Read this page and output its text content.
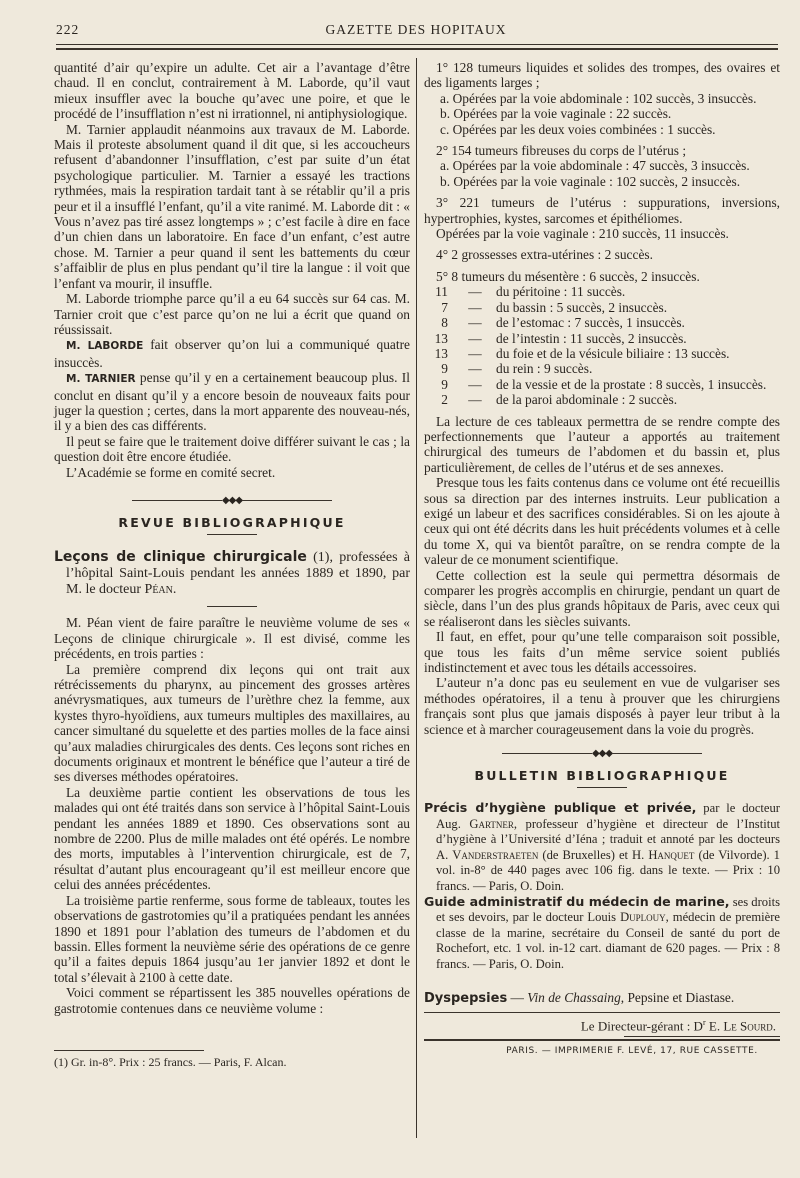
222	GAZETTE DES HOPITAUX

quantité d’air qu’expire un adulte. Cet air a l’avantage d’être chaud. Il en conclut, contrairement à M. Laborde, qu’il vaut mieux insuffler avec la bouche qu’avec une poire, et que le procédé de l’insufflation n’est ni irrationnel, ni antiphysiologique.

M. Tarnier applaudit néanmoins aux travaux de M. Laborde. Mais il proteste absolument quand il dit que, si les accoucheurs refusent d’abandonner l’insufflation, c’est par suite d’un état psychologique particulier. M. Tarnier a essayé les tractions rythmées, mais la respiration tardait tant à se rétablir qu’il a pris peur et il a insufflé l’enfant, qu’il a vite ranimé. M. Laborde dit : « Vous n’avez pas tiré assez longtemps » ; c’est facile à dire en face d’un chien dans un laboratoire. En face d’un enfant, c’est autre chose. M. Tarnier a peur quand il sent les battements du cœur s’affaiblir de plus en plus pendant qu’il tire la langue : il voit que l’enfant va mourir, il insuffle.

M. Laborde triomphe parce qu’il a eu 64 succès sur 64 cas. M. Tarnier croit que c’est parce qu’on ne lui a écrit que quand on réussissait.

M. LABORDE fait observer qu’on lui a communiqué quatre insuccès.

M. TARNIER pense qu’il y en a certainement beaucoup plus. Il conclut en disant qu’il y a encore besoin de nouveaux faits pour juger la question ; certes, dans la mort apparente des nouveau-nés, il y a bien des cas différents.

Il peut se faire que le traitement doive différer suivant le cas ; la question doit être encore étudiée.

L’Académie se forme en comité secret.

◆◆◆
REVUE BIBLIOGRAPHIQUE

Leçons de clinique chirurgicale (1), professées à l’hôpital Saint-Louis pendant les années 1889 et 1890, par M. le docteur Péan.

M. Péan vient de faire paraître le neuvième volume de ses « Leçons de clinique chirurgicale ». Il est divisé, comme les précédents, en trois parties :

La première comprend dix leçons qui ont trait aux rétrécissements du pharynx, au pincement des grosses artères anévrysmatiques, aux tumeurs de l’urèthre chez la femme, aux kystes thyro-hyoïdiens, aux tumeurs multiples des maxillaires, au cancer simultané du squelette et des parties molles de la face ainsi qu’aux maladies chirurgicales des dents. Ces leçons sont riches en documents originaux et montrent le bénéfice que l’auteur a tiré de ses diverses méthodes opératoires.

La deuxième partie contient les observations de tous les malades qui ont été traités dans son service à l’hôpital Saint-Louis pendant les années 1889 et 1890. Ces observations sont au nombre de 2200. Plus de mille malades ont été opérés. Le nombre des morts, imputables à l’intervention chirurgicale, est de 7, résultat d’autant plus encourageant qu’il est meilleur encore que celui des années précédentes.

La troisième partie renferme, sous forme de tableaux, toutes les observations de gastrotomies qu’il a pratiquées pendant les années 1890 et 1891 pour l’ablation des tumeurs de l’abdomen et du bassin. Elles forment la neuvième série des opérations de ce genre qu’il a faites depuis 1864 jusqu’au 1er janvier 1892 et dont le total s’élevait à 2100 à cette date.

Voici comment se répartissent les 385 nouvelles opérations de gastrotomie contenues dans ce neuvième volume :

(1) Gr. in-8°. Prix : 25 francs. — Paris, F. Alcan.

1° 128 tumeurs liquides et solides des trompes, des ovaires et des ligaments larges ;

a. Opérées par la voie abdominale : 102 succès, 3 insuccès.

b. Opérées par la voie vaginale : 22 succès.

c. Opérées par les deux voies combinées : 1 succès.

2° 154 tumeurs fibreuses du corps de l’utérus ;

a. Opérées par la voie abdominale : 47 succès, 3 insuccès.

b. Opérées par la voie vaginale : 102 succès, 2 insuccès.

3° 221 tumeurs de l’utérus : suppurations, inversions, hypertrophies, kystes, sarcomes et épithéliomes.

Opérées par la voie vaginale : 210 succès, 11 insuccès.

4° 2 grossesses extra-utérines : 2 succès.

5° 8 tumeurs du mésentère : 6 succès, 2 insuccès.

11	—	du péritoine : 11 succès.
7	—	du bassin : 5 succès, 2 insuccès.
8	—	de l’estomac : 7 succès, 1 insuccès.
13	—	de l’intestin : 11 succès, 2 insuccès.
13	—	du foie et de la vésicule biliaire : 13 succès.
9	—	du rein : 9 succès.
9	—	de la vessie et de la prostate : 8 succès, 1 insuccès.
2	—	de la paroi abdominale : 2 succès.

La lecture de ces tableaux permettra de se rendre compte des perfectionnements que l’auteur a apportés au traitement chirurgical des tumeurs de l’abdomen et du bassin et, plus particulièrement, de celles de l’utérus et de ses annexes.

Presque tous les faits contenus dans ce volume ont été recueillis sous sa direction par des internes instruits. Leur publication a exigé un labeur et des sacrifices considérables. Si on les ajoute à ceux qui ont été décrits dans les huit précédents volumes et à celle du tome X, qui va bientôt paraître, on se rendra compte de la valeur de ce monument scientifique.

Cette collection est la seule qui permettra désormais de comparer les progrès accomplis en chirurgie, pendant un quart de siècle, dans l’un des plus grands hôpitaux de Paris, avec ceux qui se réaliseront dans les siècles suivants.

Il faut, en effet, pour qu’une telle comparaison soit possible, que tous les faits d’un même service soient publiés indistinctement et avec tous les détails accessoires.

L’auteur n’a donc pas eu seulement en vue de vulgariser ses méthodes opératoires, il a tenu à prouver que les chirurgiens français sont plus que jamais disposés à payer leur tribut à la science et à marcher courageusement dans la voie du progrès.

◆◆◆
BULLETIN BIBLIOGRAPHIQUE

Précis d’hygiène publique et privée, par le docteur Aug. Gartner, professeur d’hygiène et directeur de l’Institut d’hygiène à l’Université d’Iéna ; traduit et annoté par les docteurs A. Vanderstraeten (de Bruxelles) et H. Hanquet (de Vilvorde). 1 vol. in-8° de 440 pages avec 106 fig. dans le texte. — Prix : 10 francs. — Paris, O. Doin.

Guide administratif du médecin de marine, ses droits et ses devoirs, par le docteur Louis Duplouy, médecin de première classe de la marine, secrétaire du Conseil de santé du port de Rochefort, etc. 1 vol. in-12 cart. diamant de 620 pages. — Prix : 8 francs. — Paris, O. Doin.

Dyspepsies — Vin de Chassaing, Pepsine et Diastase.

Le Directeur-gérant : $D^r$ E. Le Sourd.

PARIS. — IMPRIMERIE F. LEVÉ, 17, RUE CASSETTE.
